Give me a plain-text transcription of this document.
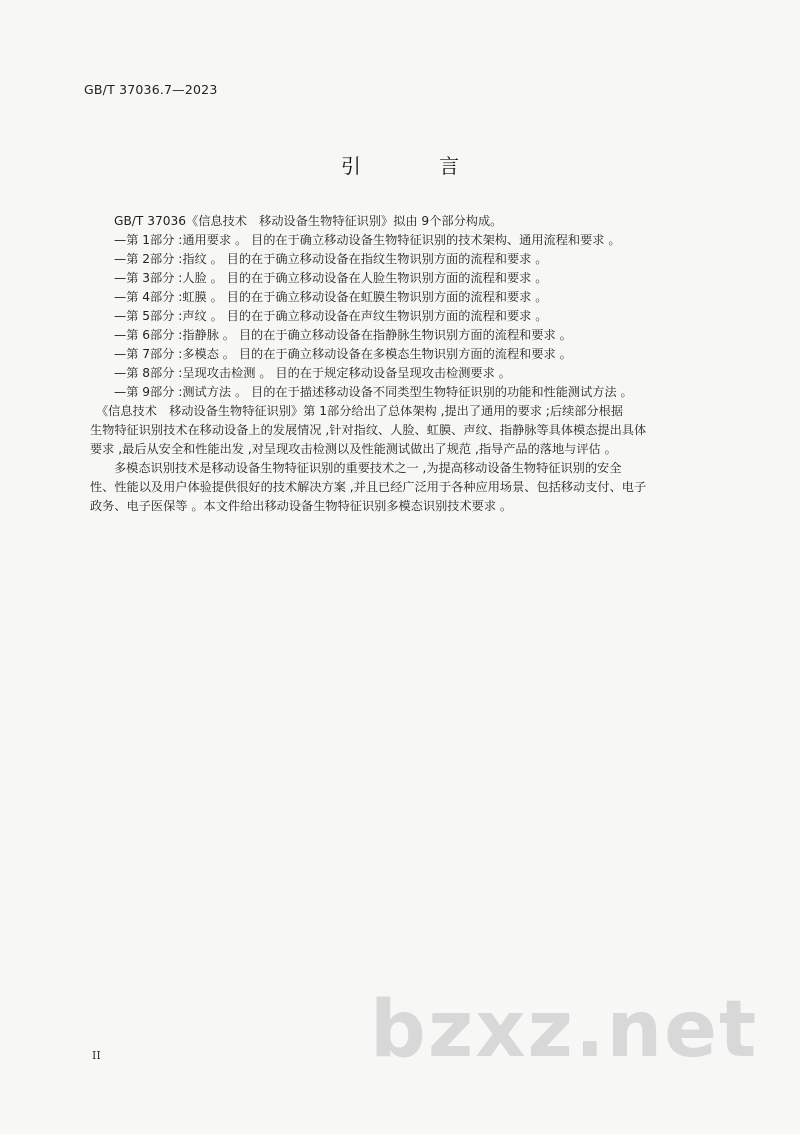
GB/T 37036.7—2023
引 言
GB/T 37036《信息技术　移动设备生物特征识别》拟由 9个部分构成。
—第 1部分 :通用要求 。 目的在于确立移动设备生物特征识别的技术架构、通用流程和要求 。
—第 2部分 :指纹 。 目的在于确立移动设备在指纹生物识别方面的流程和要求 。
—第 3部分 :人脸 。 目的在于确立移动设备在人脸生物识别方面的流程和要求 。
—第 4部分 :虹膜 。 目的在于确立移动设备在虹膜生物识别方面的流程和要求 。
—第 5部分 :声纹 。 目的在于确立移动设备在声纹生物识别方面的流程和要求 。
—第 6部分 :指静脉 。 目的在于确立移动设备在指静脉生物识别方面的流程和要求 。
—第 7部分 :多模态 。 目的在于确立移动设备在多模态生物识别方面的流程和要求 。
—第 8部分 :呈现攻击检测 。 目的在于规定移动设备呈现攻击检测要求 。
—第 9部分 :测试方法 。 目的在于描述移动设备不同类型生物特征识别的功能和性能测试方法 。
《信息技术　移动设备生物特征识别》第 1部分给出了总体架构 ,提出了通用的要求 ;后续部分根据
生物特征识别技术在移动设备上的发展情况 ,针对指纹、人脸、虹膜、声纹、指静脉等具体模态提出具体
要求 ,最后从安全和性能出发 ,对呈现攻击检测以及性能测试做出了规范 ,指导产品的落地与评估 。
多模态识别技术是移动设备生物特征识别的重要技术之一 ,为提高移动设备生物特征识别的安全
性、性能以及用户体验提供很好的技术解决方案 ,并且已经广泛用于各种应用场景、包括移动支付、电子
政务、电子医保等 。本文件给出移动设备生物特征识别多模态识别技术要求 。
bzxz.net
II
